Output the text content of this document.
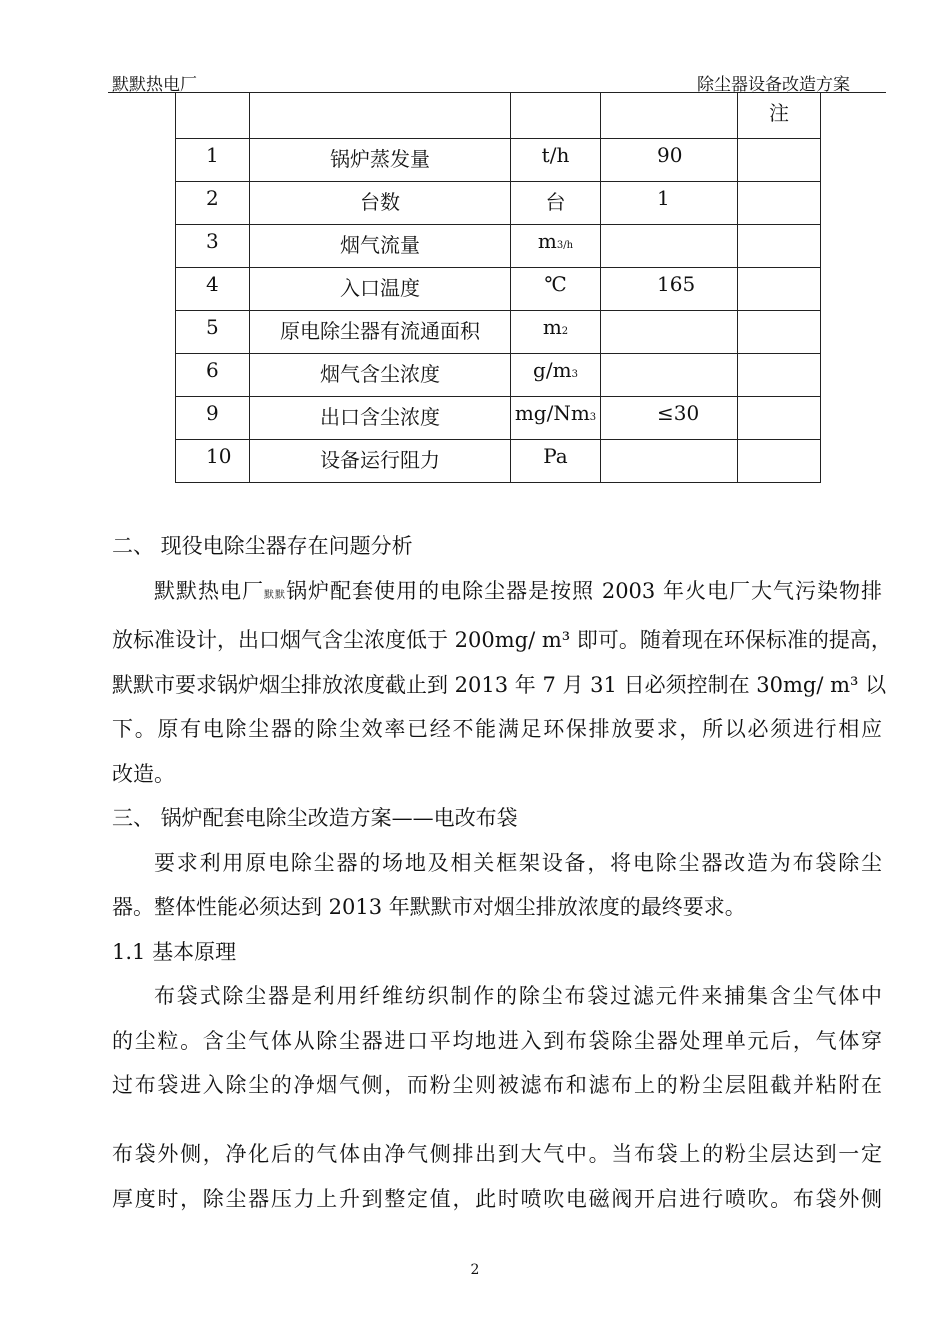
默默热电厂	除尘器设备改造方案
				注
1	锅炉蒸发量	t/h	90	
2	台数	台	1	
3	烟气流量	m3/h		
4	入口温度	℃	165	
5	原电除尘器有流通面积	m2		
6	烟气含尘浓度	g/m3		
9	出口含尘浓度	mg/Nm3	≤30	
10	设备运行阻力	Pa		
二、 现役电除尘器存在问题分析
默默热电厂默默锅炉配套使用的电除尘器是按照 2003 年火电厂大气污染物排
放标准设计，出口烟气含尘浓度低于 200mg/ m³ 即可。随着现在环保标准的提高，
默默市要求锅炉烟尘排放浓度截止到 2013 年 7 月 31 日必须控制在 30mg/ m³ 以
下。原有电除尘器的除尘效率已经不能满足环保排放要求，所以必须进行相应
改造。
三、 锅炉配套电除尘改造方案——电改布袋
要求利用原电除尘器的场地及相关框架设备，将电除尘器改造为布袋除尘
器。整体性能必须达到 2013 年默默市对烟尘排放浓度的最终要求。
1.1 基本原理
布袋式除尘器是利用纤维纺织制作的除尘布袋过滤元件来捕集含尘气体中
的尘粒。含尘气体从除尘器进口平均地进入到布袋除尘器处理单元后，气体穿
过布袋进入除尘的净烟气侧，而粉尘则被滤布和滤布上的粉尘层阻截并粘附在
布袋外侧，净化后的气体由净气侧排出到大气中。当布袋上的粉尘层达到一定
厚度时，除尘器压力上升到整定值，此时喷吹电磁阀开启进行喷吹。布袋外侧
2
